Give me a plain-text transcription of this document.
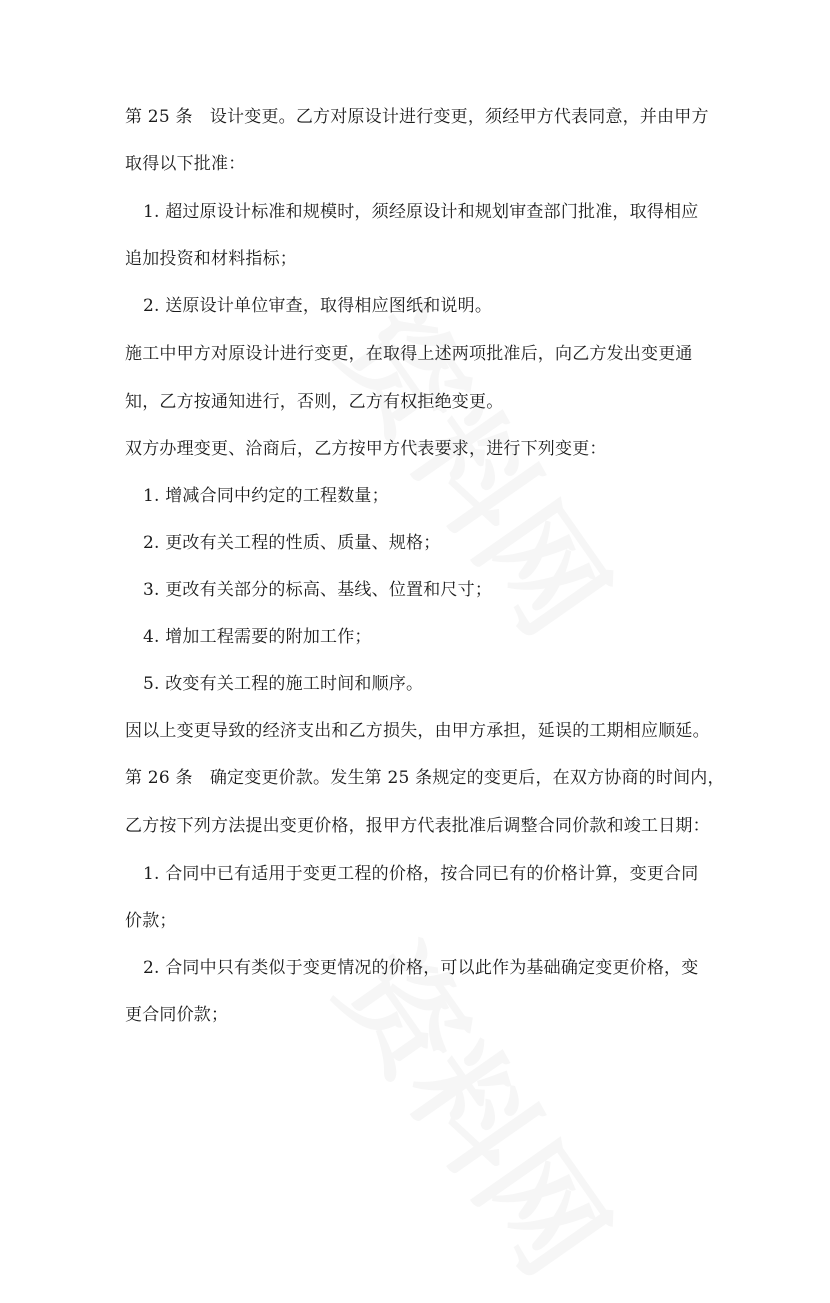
第 25 条　设计变更。乙方对原设计进行变更，须经甲方代表同意，并由甲方
取得以下批准：
1. 超过原设计标准和规模时，须经原设计和规划审查部门批准，取得相应
追加投资和材料指标；
2. 送原设计单位审查，取得相应图纸和说明。
施工中甲方对原设计进行变更，在取得上述两项批准后，向乙方发出变更通
知，乙方按通知进行，否则，乙方有权拒绝变更。
双方办理变更、洽商后，乙方按甲方代表要求，进行下列变更：
1. 增减合同中约定的工程数量；
2. 更改有关工程的性质、质量、规格；
3. 更改有关部分的标高、基线、位置和尺寸；
4. 增加工程需要的附加工作；
5. 改变有关工程的施工时间和顺序。
因以上变更导致的经济支出和乙方损失，由甲方承担，延误的工期相应顺延。
第 26 条　确定变更价款。发生第 25 条规定的变更后，在双方协商的时间内，
乙方按下列方法提出变更价格，报甲方代表批准后调整合同价款和竣工日期：
1. 合同中已有适用于变更工程的价格，按合同已有的价格计算，变更合同
价款；
2. 合同中只有类似于变更情况的价格，可以此作为基础确定变更价格，变
更合同价款；
